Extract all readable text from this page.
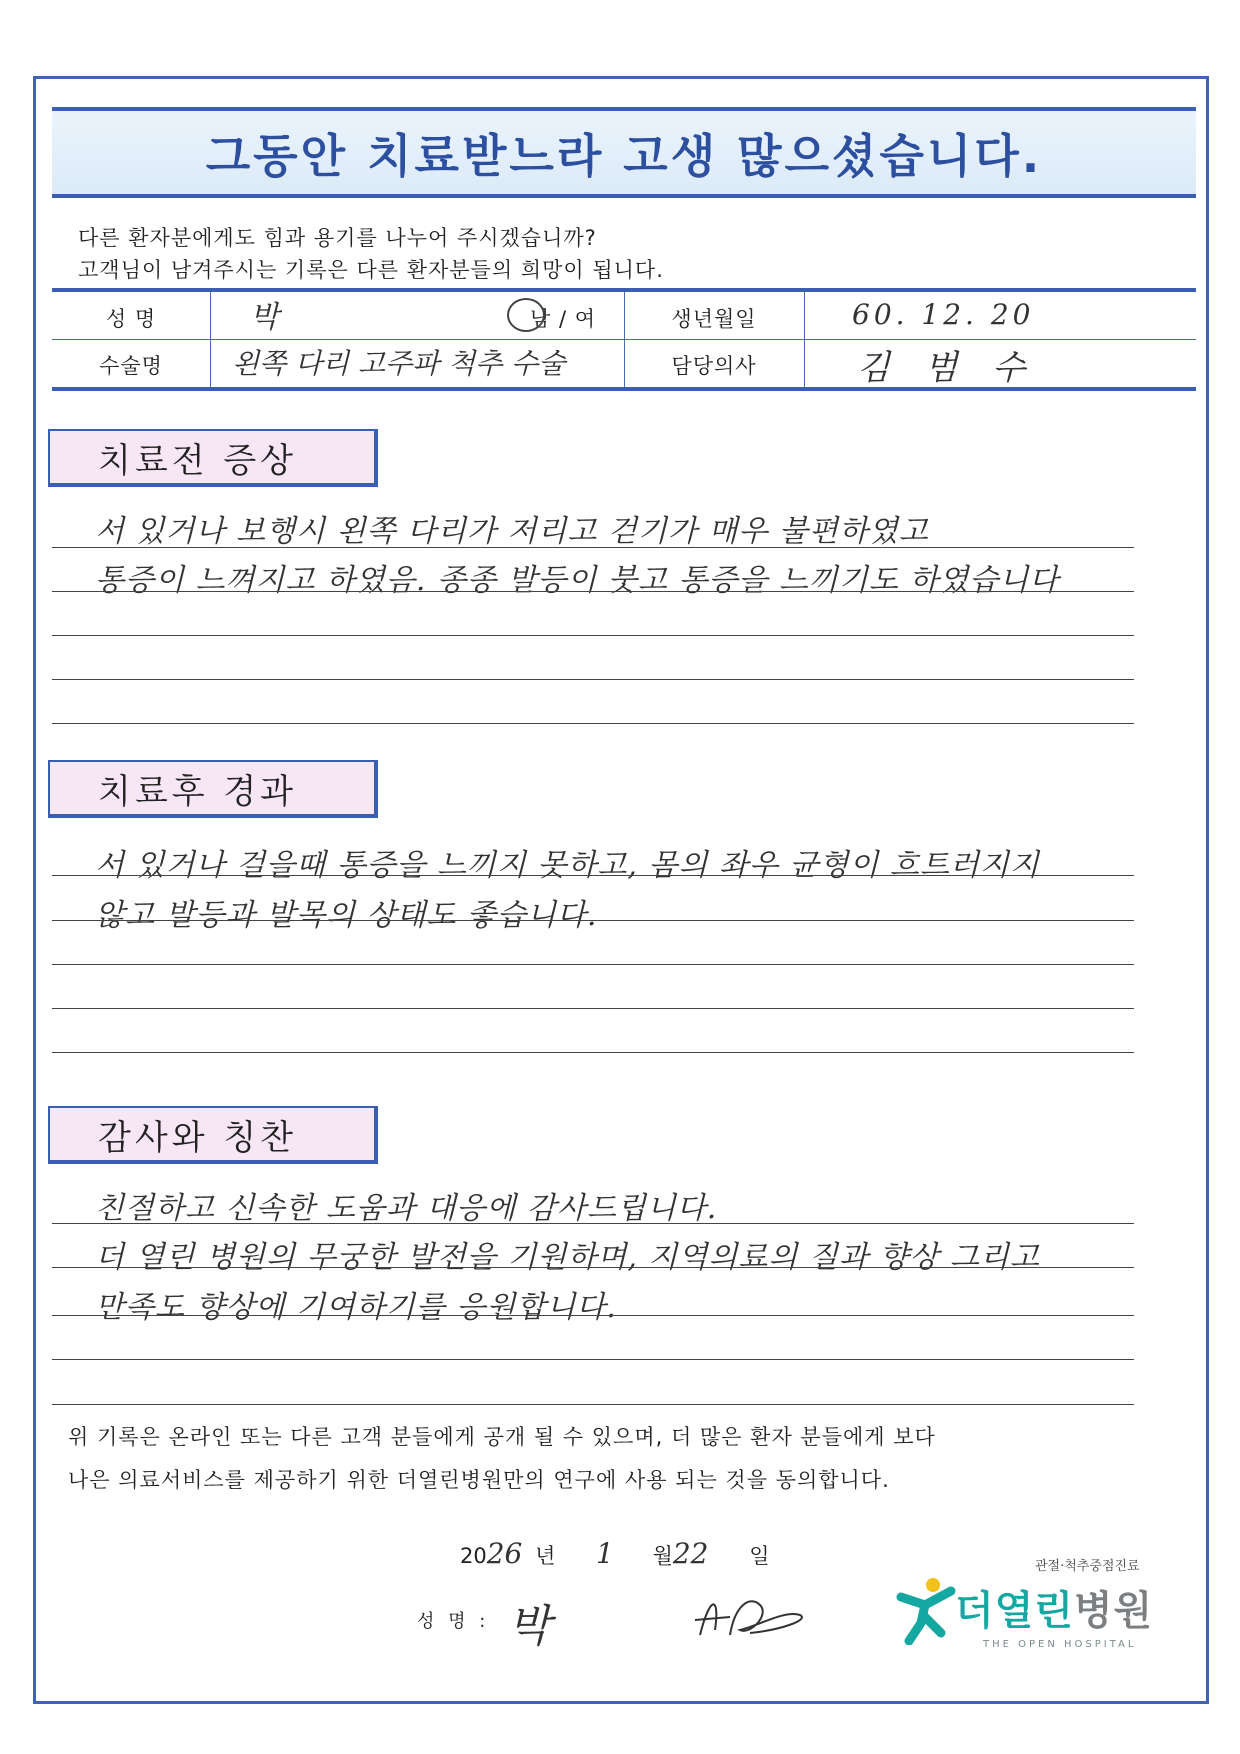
그동안 치료받느라 고생 많으셨습니다.
다른 환자분에게도 힘과 용기를 나누어 주시겠습니까?
고객님이 남겨주시는 기록은 다른 환자분들의 희망이 됩니다.
성 명	박	남 / 여	생년월일	60. 12. 20
수술명	왼쪽 다리 고주파 척추 수술	담당의사	김 범 수
치료전 증상
서 있거나 보행시 왼쪽 다리가 저리고 걷기가 매우 불편하였고
통증이 느껴지고 하였음. 종종 발등이 붓고 통증을 느끼기도 하였습니다
치료후 경과
서 있거나 걸을때 통증을 느끼지 못하고, 몸의 좌우 균형이 흐트러지지
않고 발등과 발목의 상태도 좋습니다.
감사와 칭찬
친절하고 신속한 도움과 대응에 감사드립니다.
더 열린 병원의 무궁한 발전을 기원하며, 지역의료의 질과 향상 그리고
만족도 향상에 기여하기를 응원합니다.
위 기록은 온라인 또는 다른 고객 분들에게 공개 될 수 있으며, 더 많은 환자 분들에게 보다
나은 의료서비스를 제공하기 위한 더열린병원만의 연구에 사용 되는 것을 동의합니다.
2026 년 1 월22 일
성 명 : 박
관절·척추중점진료
더열린병원
THE OPEN HOSPITAL
